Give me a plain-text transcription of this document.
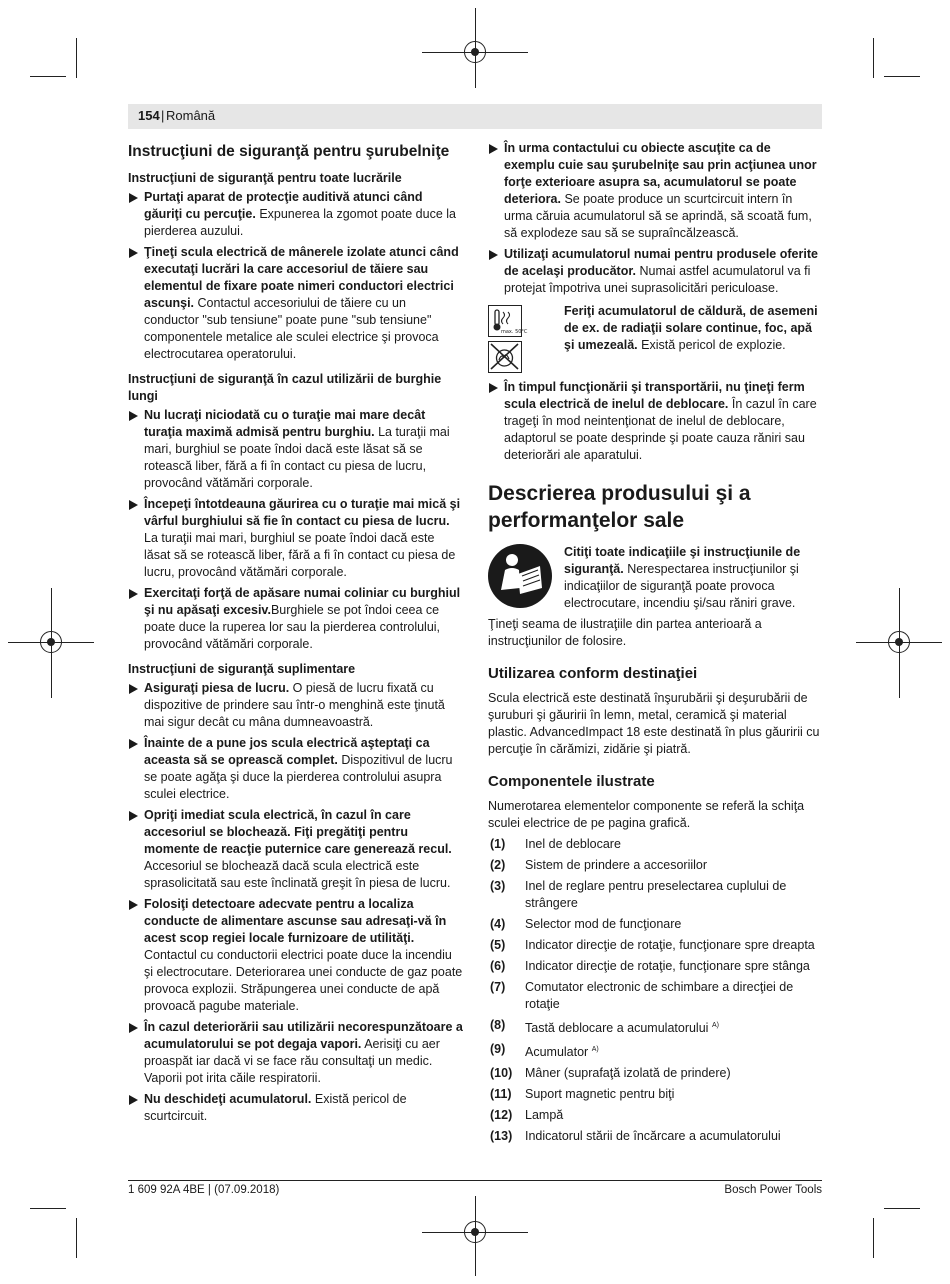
154 | Română
Instrucţiuni de siguranţă pentru şurubelniţe
Instrucţiuni de siguranţă pentru toate lucrările
Purtaţi aparat de protecţie auditivă atunci când găuriţi cu percuţie. Expunerea la zgomot poate duce la pierderea auzului.
Ţineţi scula electrică de mânerele izolate atunci când executaţi lucrări la care accesoriul de tăiere sau elementul de fixare poate nimeri conductori electrici ascunşi. Contactul accesoriului de tăiere cu un conductor "sub tensiune" poate pune "sub tensiune" componentele metalice ale sculei electrice şi provoca electrocutarea operatorului.
Instrucţiuni de siguranţă în cazul utilizării de burghie lungi
Nu lucraţi niciodată cu o turaţie mai mare decât turaţia maximă admisă pentru burghiu. La turaţii mai mari, burghiul se poate îndoi dacă este lăsat să se rotească liber, fără a fi în contact cu piesa de lucru, provocând vătămări corporale.
Începeţi întotdeauna găurirea cu o turaţie mai mică şi vârful burghiului să fie în contact cu piesa de lucru. La turaţii mai mari, burghiul se poate îndoi dacă este lăsat să se rotească liber, fără a fi în contact cu piesa de lucru, provocând vătămări corporale.
Exercitaţi forţă de apăsare numai coliniar cu burghiul şi nu apăsaţi excesiv.Burghiele se pot îndoi ceea ce poate duce la ruperea lor sau la pierderea controlului, provocând vătămări corporale.
Instrucţiuni de siguranţă suplimentare
Asiguraţi piesa de lucru. O piesă de lucru fixată cu dispozitive de prindere sau într-o menghină este ţinută mai sigur decât cu mâna dumneavoastră.
Înainte de a pune jos scula electrică aşteptaţi ca aceasta să se oprească complet. Dispozitivul de lucru se poate agăţa şi duce la pierderea controlului asupra sculei electrice.
Opriţi imediat scula electrică, în cazul în care accesoriul se blochează. Fiţi pregătiţi pentru momente de reacţie puternice care generează recul. Accesoriul se blochează dacă scula electrică este sprasolicitată sau este înclinată greşit în piesa de lucru.
Folosiţi detectoare adecvate pentru a localiza conducte de alimentare ascunse sau adresaţi-vă în acest scop regiei locale furnizoare de utilităţi. Contactul cu conductorii electrici poate duce la incendiu şi electrocutare. Deteriorarea unei conducte de gaz poate provoca explozii. Străpungerea unei conducte de apă provoacă pagube materiale.
În cazul deteriorării sau utilizării necorespunzătoare a acumulatorului se pot degaja vapori. Aerisiţi cu aer proaspăt iar dacă vi se face rău consultaţi un medic. Vaporii pot irita căile respiratorii.
Nu deschideţi acumulatorul. Există pericol de scurtcircuit.
În urma contactului cu obiecte ascuţite ca de exemplu cuie sau şurubelniţe sau prin acţiunea unor forţe exterioare asupra sa, acumulatorul se poate deteriora. Se poate produce un scurtcircuit intern în urma căruia acumulatorul să se aprindă, să scoată fum, să explodeze sau să se supraîncălzească.
Utilizaţi acumulatorul numai pentru produsele oferite de acelaşi producător. Numai astfel acumulatorul va fi protejat împotriva unei suprasolicitări periculoase.
max. 50°C
Feriţi acumulatorul de căldură, de asemeni de ex. de radiaţii solare continue, foc, apă şi umezeală. Există pericol de explozie.
În timpul funcţionării şi transportării, nu ţineţi ferm scula electrică de inelul de deblocare. În cazul în care trageţi în mod neintenţionat de inelul de deblocare, adaptorul se poate desprinde şi poate cauza răniri sau deteriorări ale aparatului.
Descrierea produsului şi a performanţelor sale
Citiţi toate indicaţiile şi instrucţiunile de siguranţă. Nerespectarea instrucţiunilor şi indicaţiilor de siguranţă poate provoca electrocutare, incendiu şi/sau răniri grave.

Ţineţi seama de ilustraţiile din partea anterioară a instrucţiunilor de folosire.

Utilizarea conform destinaţiei

Scula electrică este destinată înşurubării şi deşurubării de şuruburi şi găuririi în lemn, metal, ceramică şi material plastic. AdvancedImpact 18 este destinată în plus găuririi cu percuţie în cărămizi, zidărie şi piatră.

Componentele ilustrate

Numerotarea elementelor componente se referă la schiţa sculei electrice de pe pagina grafică.

(1)	Inel de deblocare
(2)	Sistem de prindere a accesoriilor
(3)	Inel de reglare pentru preselectarea cuplului de strângere
(4)	Selector mod de funcţionare
(5)	Indicator direcţie de rotaţie, funcţionare spre dreapta
(6)	Indicator direcţie de rotaţie, funcţionare spre stânga
(7)	Comutator electronic de schimbare a direcţiei de rotaţie
(8)	Tastă deblocare a acumulatorului $^{A)}$
(9)	Acumulator $^{A)}$
(10)	Mâner (suprafaţă izolată de prindere)
(11)	Suport magnetic pentru biţi
(12)	Lampă
(13)	Indicatorul stării de încărcare a acumulatorului
1 609 92A 4BE | (07.09.2018)	Bosch Power Tools
